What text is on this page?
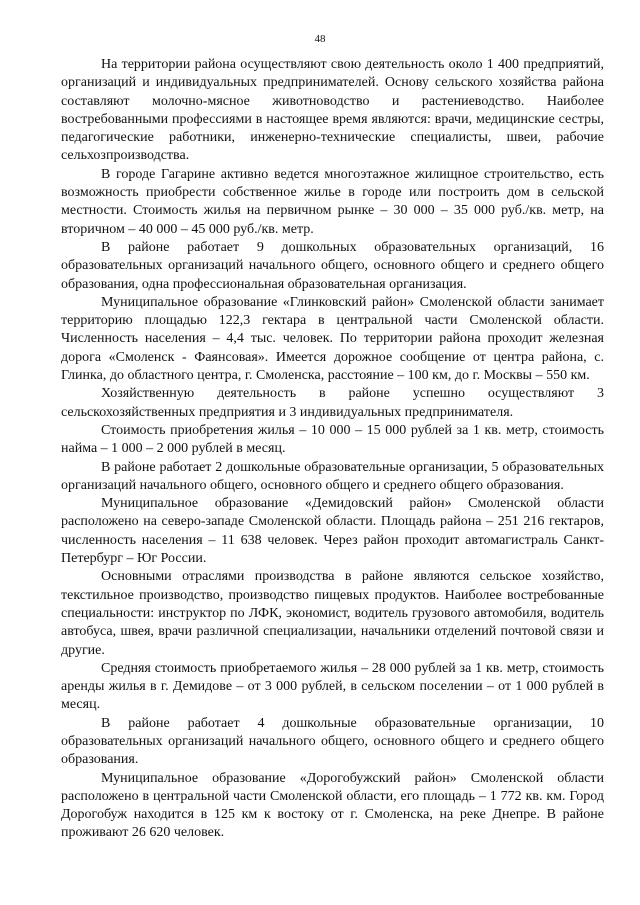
48

На территории района осуществляют свою деятельность около 1 400 предприятий, организаций и индивидуальных предпринимателей. Основу сельского хозяйства района составляют молочно-мясное животноводство и растениеводство. Наиболее востребованными профессиями в настоящее время являются: врачи, медицинские сестры, педагогические работники, инженерно-технические специалисты, швеи, рабочие сельхозпроизводства.

В городе Гагарине активно ведется многоэтажное жилищное строительство, есть возможность приобрести собственное жилье в городе или построить дом в сельской местности. Стоимость жилья на первичном рынке – 30 000 – 35 000 руб./кв. метр, на вторичном – 40 000 – 45 000 руб./кв. метр.

В районе работает 9 дошкольных образовательных организаций, 16 образовательных организаций начального общего, основного общего и среднего общего образования, одна профессиональная образовательная организация.

Муниципальное образование «Глинковский район» Смоленской области занимает территорию площадью 122,3 гектара в центральной части Смоленской области. Численность населения – 4,4 тыс. человек. По территории района проходит железная дорога «Смоленск - Фаянсовая». Имеется дорожное сообщение от центра района, с. Глинка, до областного центра, г. Смоленска, расстояние – 100 км, до г. Москвы – 550 км.

Хозяйственную деятельность в районе успешно осуществляют 3 сельскохозяйственных предприятия и 3 индивидуальных предпринимателя.

Стоимость приобретения жилья – 10 000 – 15 000 рублей за 1 кв. метр, стоимость найма – 1 000 – 2 000 рублей в месяц.

В районе работает 2 дошкольные образовательные организации, 5 образовательных организаций начального общего, основного общего и среднего общего образования.

Муниципальное образование «Демидовский район» Смоленской области расположено на северо-западе Смоленской области. Площадь района – 251 216 гектаров, численность населения – 11 638 человек. Через район проходит автомагистраль Санкт-Петербург – Юг России.

Основными отраслями производства в районе являются сельское хозяйство, текстильное производство, производство пищевых продуктов. Наиболее востребованные специальности: инструктор по ЛФК, экономист, водитель грузового автомобиля, водитель автобуса, швея, врачи различной специализации, начальники отделений почтовой связи и другие.

Средняя стоимость приобретаемого жилья – 28 000 рублей за 1 кв. метр, стоимость аренды жилья в г. Демидове – от 3 000 рублей, в сельском поселении – от 1 000 рублей в месяц.

В районе работает 4 дошкольные образовательные организации, 10 образовательных организаций начального общего, основного общего и среднего общего образования.

Муниципальное образование «Дорогобужский район» Смоленской области расположено в центральной части Смоленской области, его площадь – 1 772 кв. км. Город Дорогобуж находится в 125 км к востоку от г. Смоленска, на реке Днепре. В районе проживают 26 620 человек.
